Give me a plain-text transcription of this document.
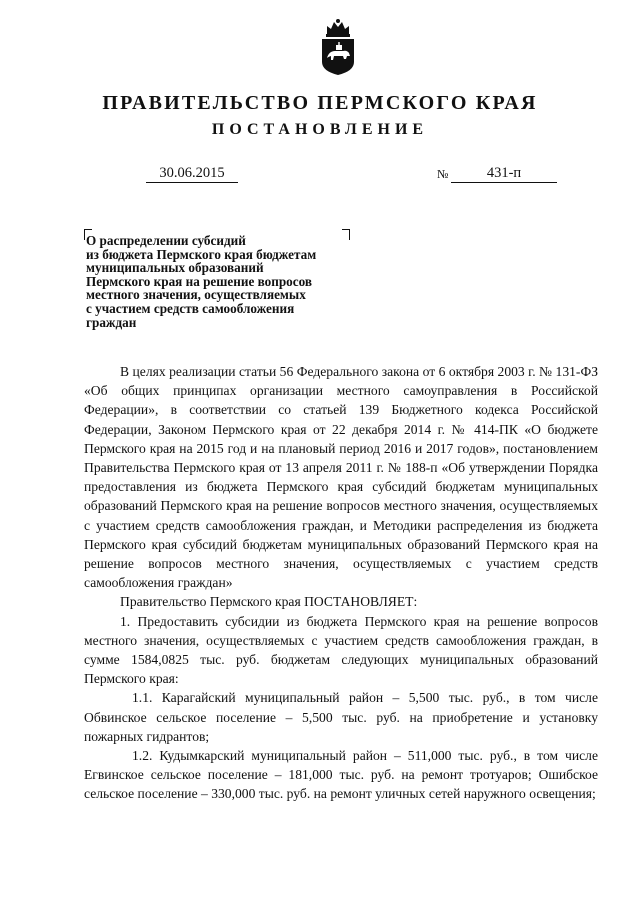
ПРАВИТЕЛЬСТВО ПЕРМСКОГО КРАЯ
ПОСТАНОВЛЕНИЕ
30.06.2015	№	431-п
О распределении субсидий
из бюджета Пермского края бюджетам
муниципальных образований
Пермского края на решение вопросов
местного значения, осуществляемых
с участием средств самообложения
граждан

В целях реализации статьи 56 Федерального закона от 6 октября 2003 г. № 131-ФЗ «Об общих принципах организации местного самоуправления в Российской Федерации», в соответствии со статьей 139 Бюджетного кодекса Российской Федерации, Законом Пермского края от 22 декабря 2014 г. № 414-ПК «О бюджете Пермского края на 2015 год и на плановый период 2016 и 2017 годов», постановлением Правительства Пермского края от 13 апреля 2011 г. № 188-п «Об утверждении Порядка предоставления из бюджета Пермского края субсидий бюджетам муниципальных образований Пермского края на решение вопросов местного значения, осуществляемых с участием средств самообложения граждан, и Методики распределения из бюджета Пермского края субсидий бюджетам муниципальных образований Пермского края на решение вопросов местного значения, осуществляемых с участием средств самообложения граждан»

Правительство Пермского края ПОСТАНОВЛЯЕТ:

1. Предоставить субсидии из бюджета Пермского края на решение вопросов местного значения, осуществляемых с участием средств самообложения граждан, в сумме 1584,0825 тыс. руб. бюджетам следующих муниципальных образований Пермского края:

1.1. Карагайский муниципальный район – 5,500 тыс. руб., в том числе Обвинское сельское поселение – 5,500 тыс. руб. на приобретение и установку пожарных гидрантов;

1.2. Кудымкарский муниципальный район – 511,000 тыс. руб., в том числе Егвинское сельское поселение – 181,000 тыс. руб. на ремонт тротуаров; Ошибское сельское поселение – 330,000 тыс. руб. на ремонт уличных сетей наружного освещения;
